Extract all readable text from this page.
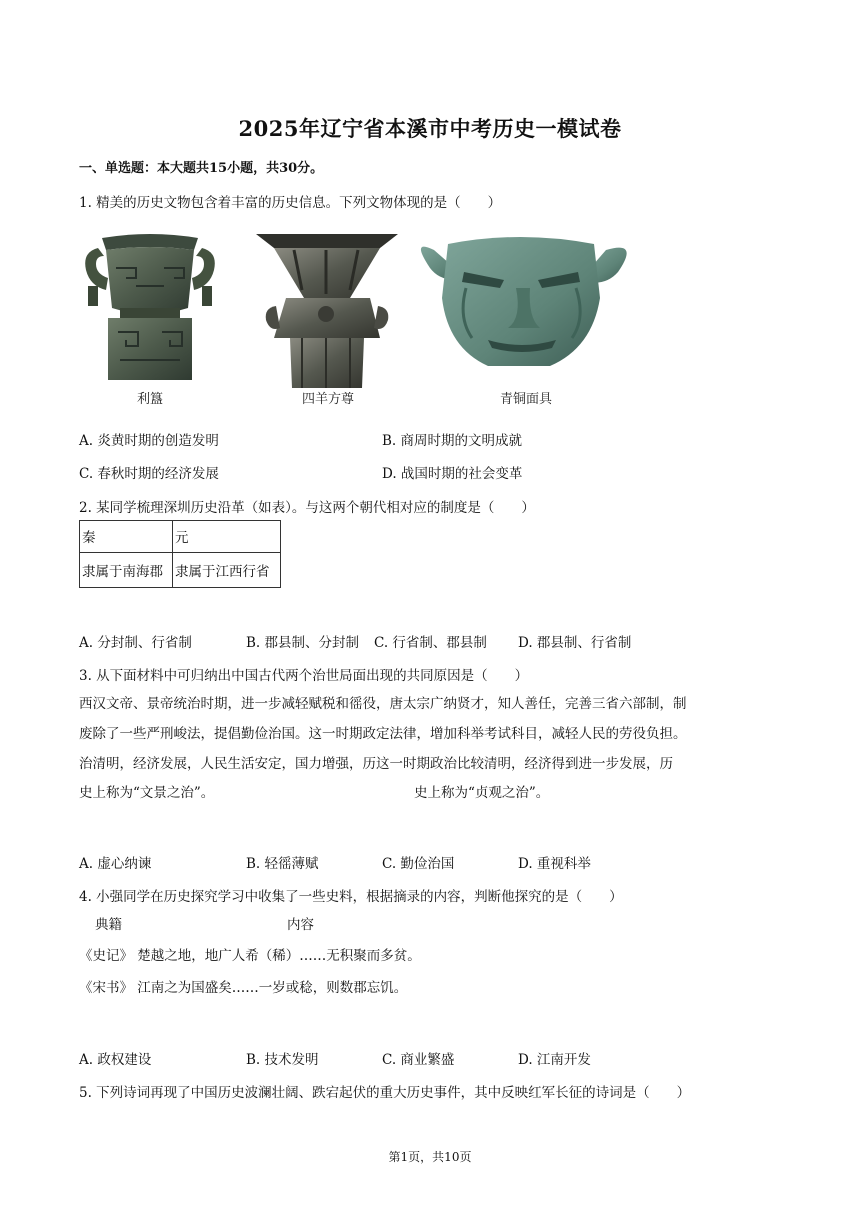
2025年辽宁省本溪市中考历史一模试卷
一、单选题：本大题共15小题，共30分。
1. 精美的历史文物包含着丰富的历史信息。下列文物体现的是（　　）
利簋	四羊方尊	青铜面具
A. 炎黄时期的创造发明	B. 商周时期的文明成就
C. 春秋时期的经济发展	D. 战国时期的社会变革
2. 某同学梳理深圳历史沿革（如表）。与这两个朝代相对应的制度是（　　）
秦	元
隶属于南海郡	隶属于江西行省
A. 分封制、行省制	B. 郡县制、分封制 C. 行省制、郡县制 D. 郡县制、行省制
3. 从下面材料中可归纳出中国古代两个治世局面出现的共同原因是（　　）
西汉文帝、景帝统治时期，进一步减轻赋税和徭役，唐太宗广纳贤才，知人善任，完善三省六部制，制
废除了一些严刑峻法，提倡勤俭治国。这一时期政定法律，增加科举考试科目，减轻人民的劳役负担。
治清明，经济发展，人民生活安定，国力增强，历这一时期政治比较清明，经济得到进一步发展，历
史上称为“文景之治”。	史上称为“贞观之治”。
A. 虚心纳谏	B. 轻徭薄赋	C. 勤俭治国	D. 重视科举
4. 小强同学在历史探究学习中收集了一些史料，根据摘录的内容，判断他探究的是（　　）
典籍	内容
《史记》 楚越之地，地广人希（稀）……无积聚而多贫。
《宋书》 江南之为国盛矣……一岁或稔，则数郡忘饥。
A. 政权建设	B. 技术发明	C. 商业繁盛	D. 江南开发
5. 下列诗词再现了中国历史波澜壮阔、跌宕起伏的重大历史事件，其中反映红军长征的诗词是（　　）
第1页，共10页
